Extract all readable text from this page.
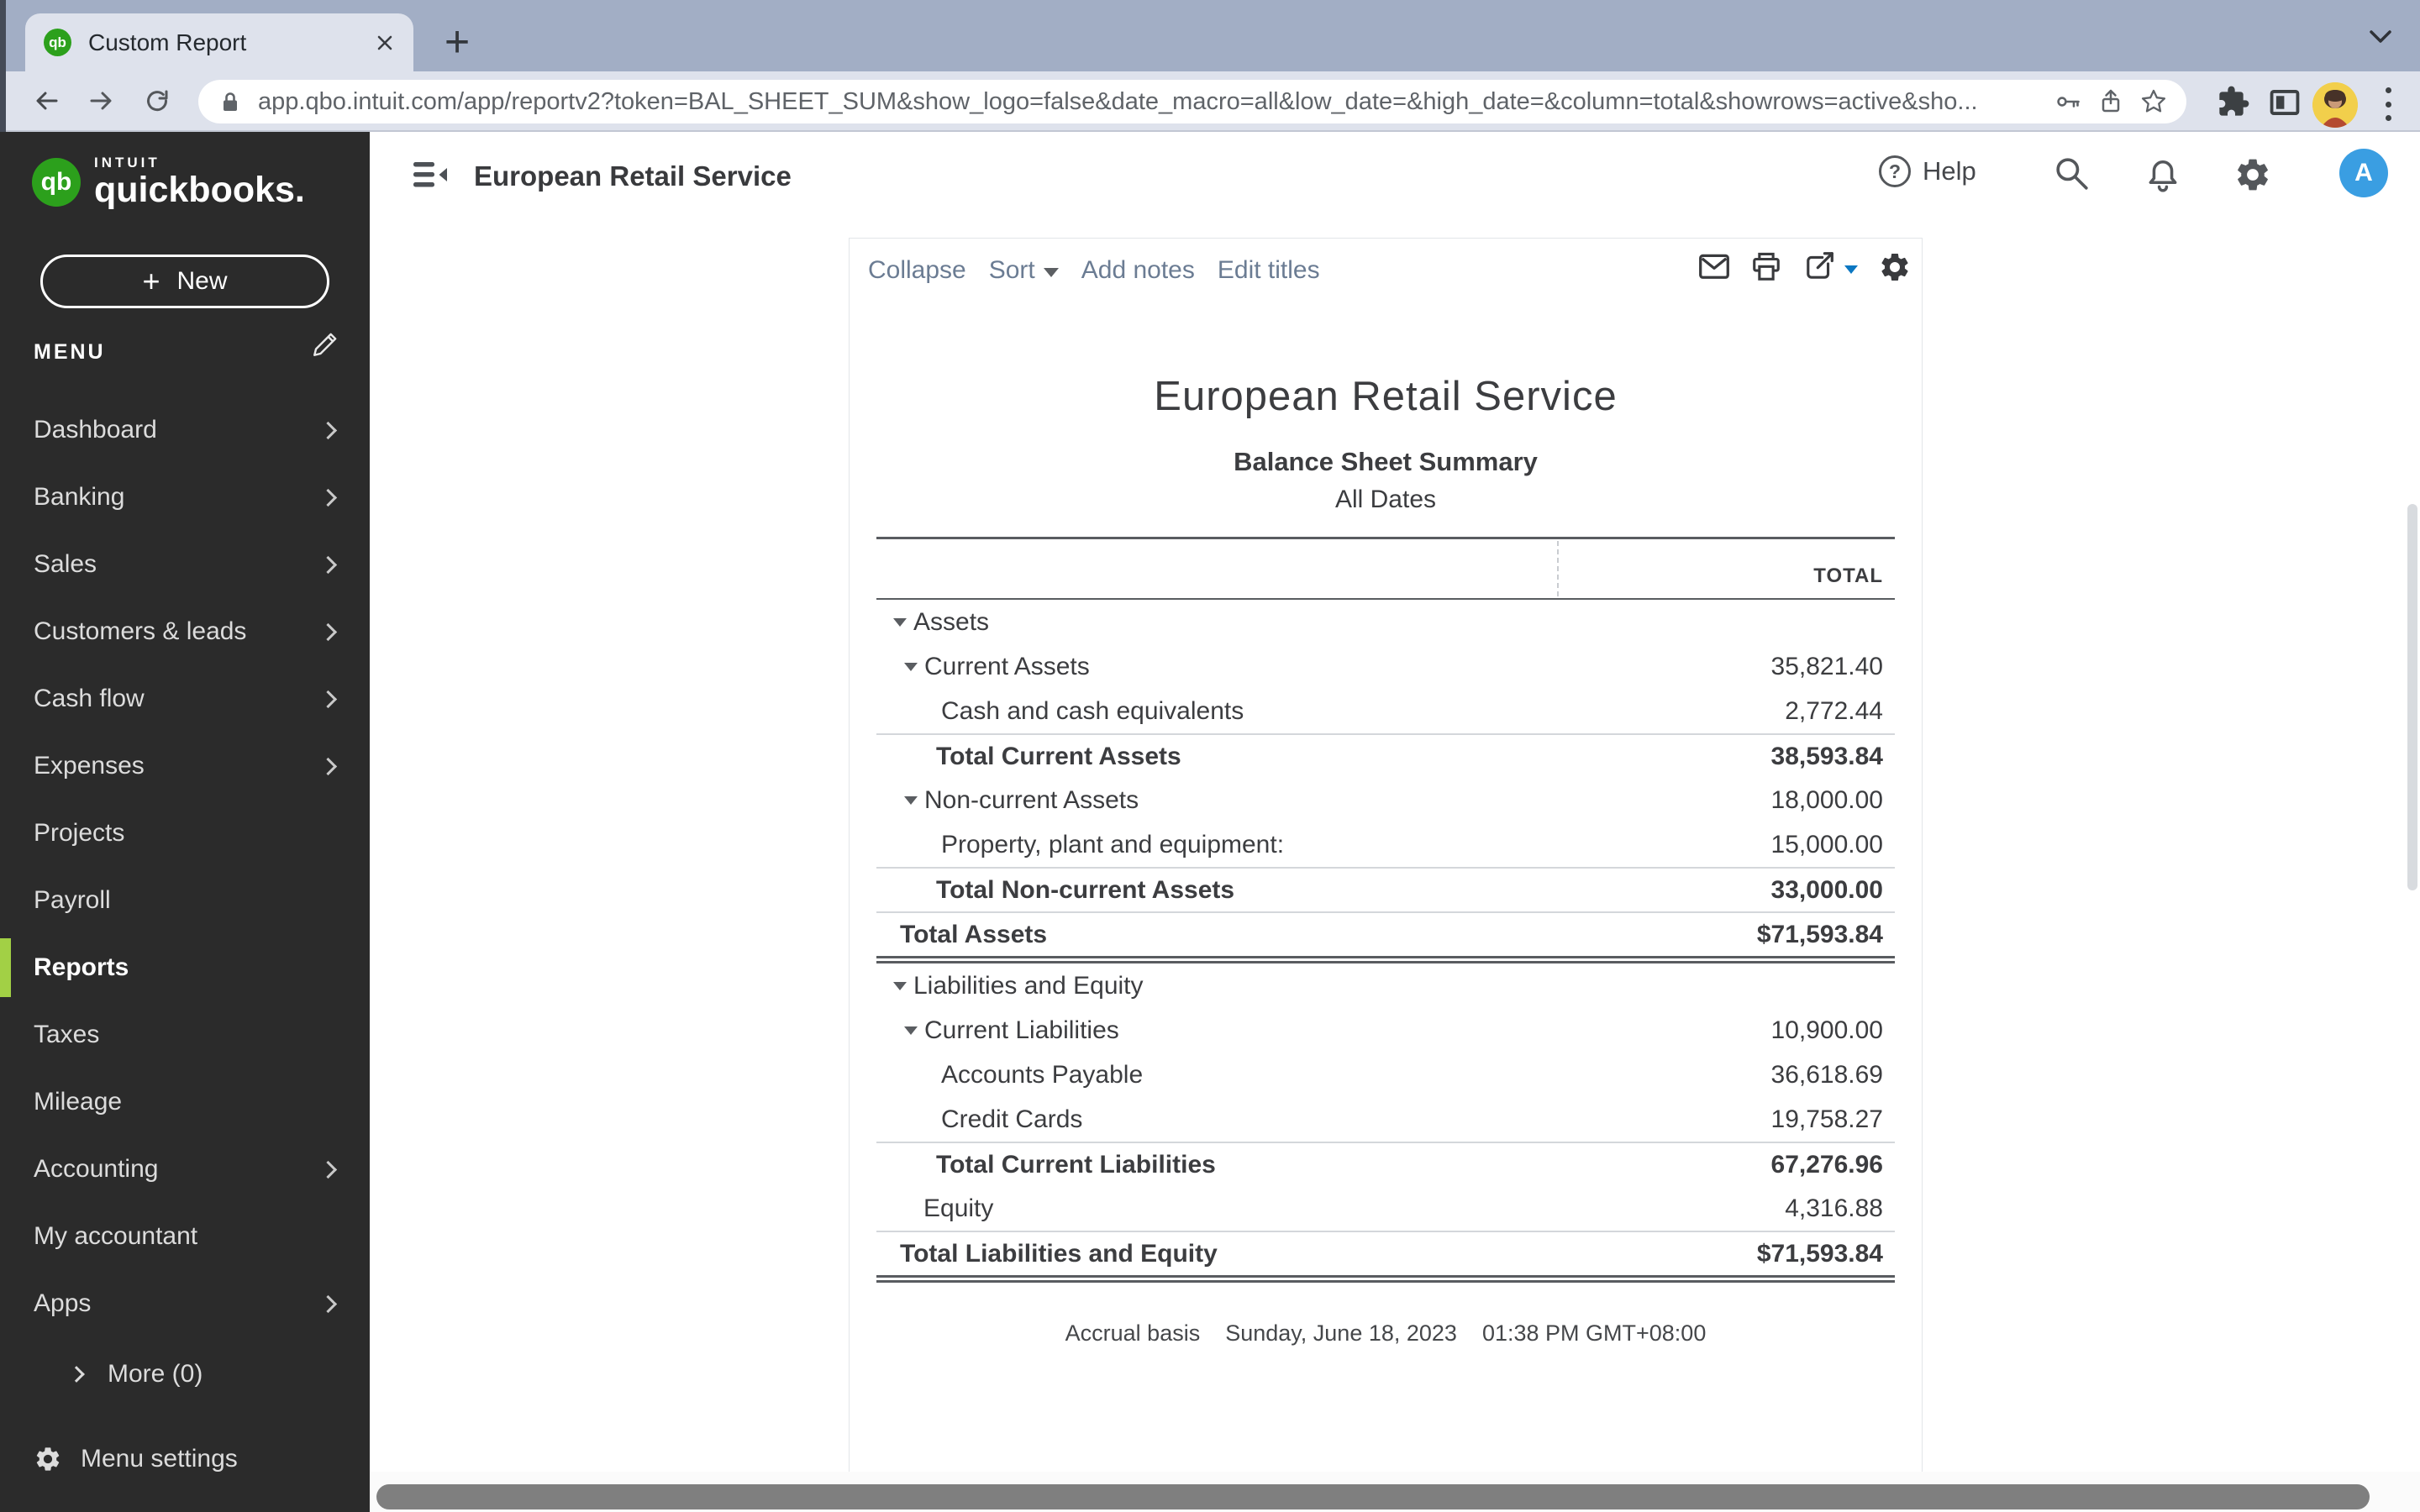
qb Custom Report	+
app.qbo.intuit.com/app/reportv2?token=BAL_SHEET_SUM&show_logo=false&date_macro=all&low_date=&high_date=&column=total&showrows=active&sho...
qb
INTUIT
quickbooks.
+ New
MENU
Dashboard
Banking
Sales
Customers & leads
Cash flow
Expenses
Projects
Payroll
Reports
Taxes
Mileage
Accounting
My accountant
Apps
More (0)
Menu settings
European Retail Service	? Help	A
Collapse Sort Add notes Edit titles
European Retail Service
Balance Sheet Summary
All Dates
TOTAL
Assets
Current Assets	35,821.40
Cash and cash equivalents	2,772.44
Total Current Assets	38,593.84
Non-current Assets	18,000.00
Property, plant and equipment:	15,000.00
Total Non-current Assets	33,000.00
Total Assets	$71,593.84
Liabilities and Equity
Current Liabilities	10,900.00
Accounts Payable	36,618.69
Credit Cards	19,758.27
Total Current Liabilities	67,276.96
Equity	4,316.88
Total Liabilities and Equity	$71,593.84
Accrual basis Sunday, June 18, 2023 01:38 PM GMT+08:00
